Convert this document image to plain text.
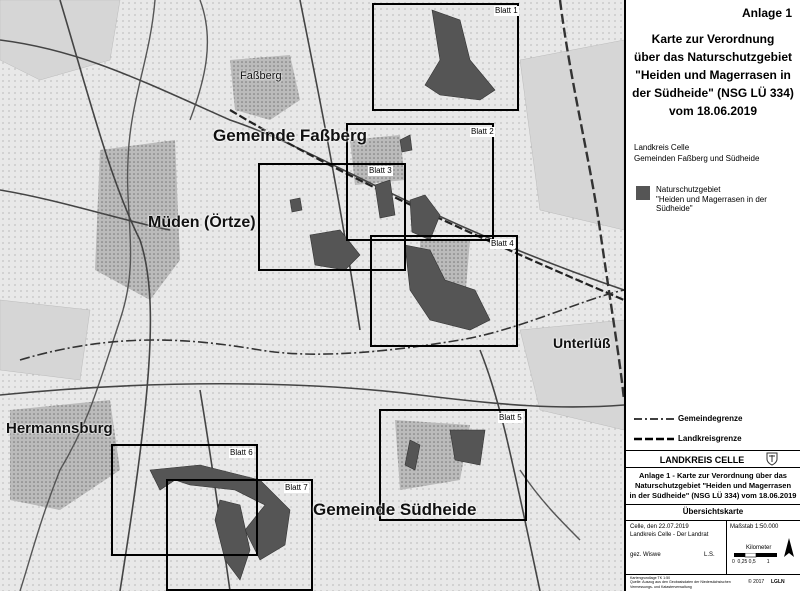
Gemeinde Faßberg
Faßberg
Müden (Örtze)
Unterlüß
Hermannsburg
Gemeinde Südheide
Blatt 1
Blatt 2
Blatt 3
Blatt 4
Blatt 5
Blatt 6
Blatt 7
Anlage 1
Karte zur Verordnung
über das Naturschutzgebiet
"Heiden und Magerrasen in
der Südheide" (NSG LÜ 334)
vom 18.06.2019
Landkreis Celle
Gemeinden Faßberg und Südheide
Naturschutzgebiet
"Heiden und Magerrasen in der Südheide"
Gemeindegrenze
Landkreisgrenze
LANDKREIS CELLE
Anlage 1 - Karte zur Verordnung über das
Naturschutzgebiet "Heiden und Magerrasen
in der Südheide" (NSG LÜ 334) vom 18.06.2019
Übersichtskarte
Celle, den 22.07.2019
Landkreis Celle - Der Landrat
Maßstab 1:50.000
gez. Wiswe	L.S.
Kilometer
0  0,25 0,5        1
Kartengrundlage TK 1:50
Quelle: Auszug aus den Geobasisdaten der Niedersächsischen
Vermessungs- und Katasterverwaltung
© 2017 LGLN
